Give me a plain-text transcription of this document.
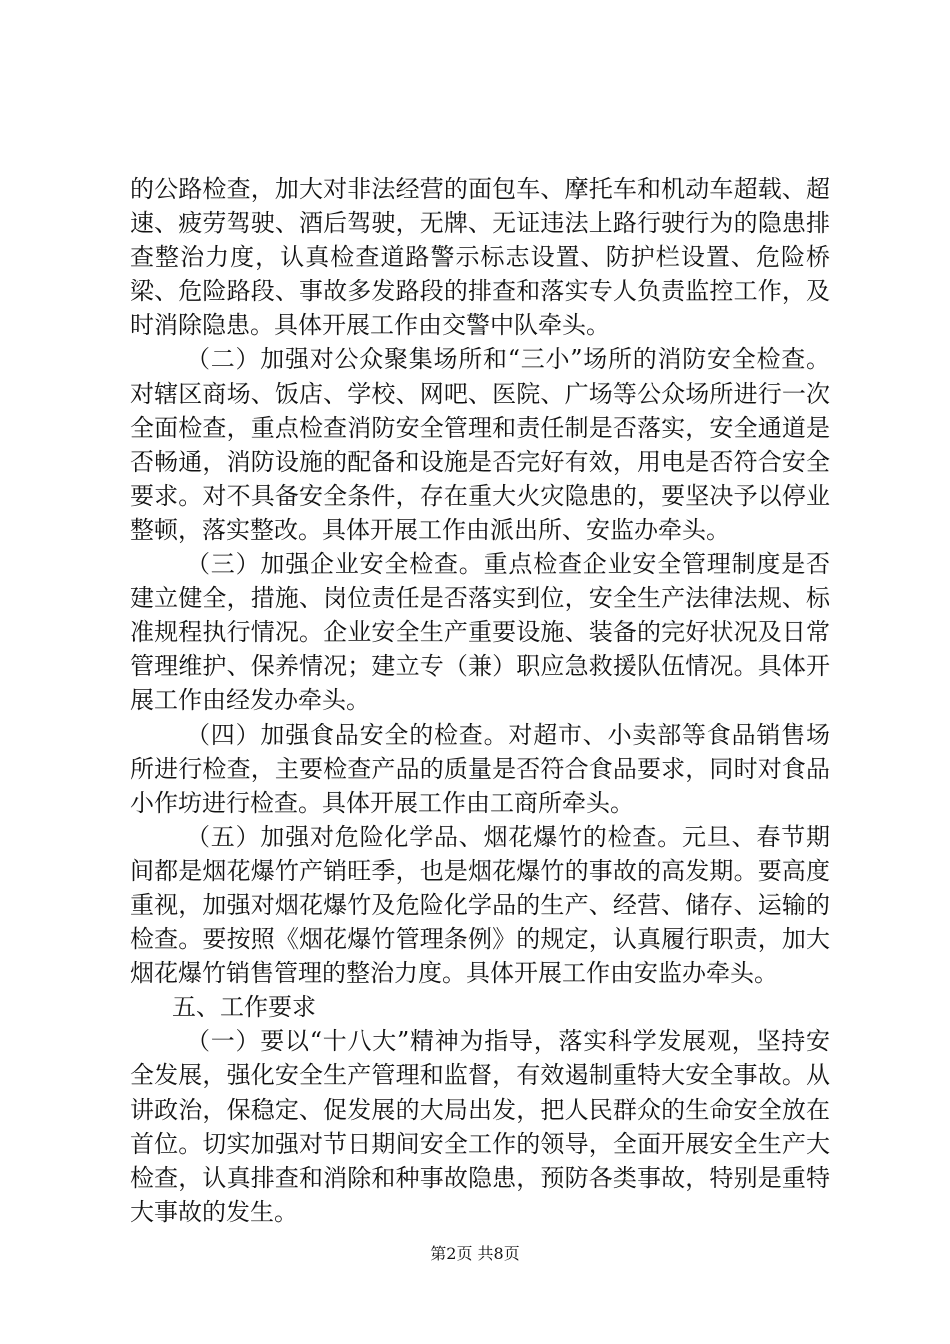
的公路检查，加大对非法经营的面包车、摩托车和机动车超载、超速、疲劳驾驶、酒后驾驶，无牌、无证违法上路行驶行为的隐患排查整治力度，认真检查道路警示标志设置、防护栏设置、危险桥梁、危险路段、事故多发路段的排查和落实专人负责监控工作，及时消除隐患。具体开展工作由交警中队牵头。

（二）加强对公众聚集场所和“三小”场所的消防安全检查。对辖区商场、饭店、学校、网吧、医院、广场等公众场所进行一次全面检查，重点检查消防安全管理和责任制是否落实，安全通道是否畅通，消防设施的配备和设施是否完好有效，用电是否符合安全要求。对不具备安全条件，存在重大火灾隐患的，要坚决予以停业整顿，落实整改。具体开展工作由派出所、安监办牵头。

（三）加强企业安全检查。重点检查企业安全管理制度是否建立健全，措施、岗位责任是否落实到位，安全生产法律法规、标准规程执行情况。企业安全生产重要设施、装备的完好状况及日常管理维护、保养情况；建立专（兼）职应急救援队伍情况。具体开展工作由经发办牵头。

（四）加强食品安全的检查。对超市、小卖部等食品销售场所进行检查，主要检查产品的质量是否符合食品要求，同时对食品小作坊进行检查。具体开展工作由工商所牵头。

（五）加强对危险化学品、烟花爆竹的检查。元旦、春节期间都是烟花爆竹产销旺季，也是烟花爆竹的事故的高发期。要高度重视，加强对烟花爆竹及危险化学品的生产、经营、储存、运输的检查。要按照《烟花爆竹管理条例》的规定，认真履行职责，加大烟花爆竹销售管理的整治力度。具体开展工作由安监办牵头。

五、工作要求

（一）要以“十八大”精神为指导，落实科学发展观，坚持安全发展，强化安全生产管理和监督，有效遏制重特大安全事故。从讲政治，保稳定、促发展的大局出发，把人民群众的生命安全放在首位。切实加强对节日期间安全工作的领导，全面开展安全生产大检查，认真排查和消除和种事故隐患，预防各类事故，特别是重特大事故的发生。

第2页 共8页
